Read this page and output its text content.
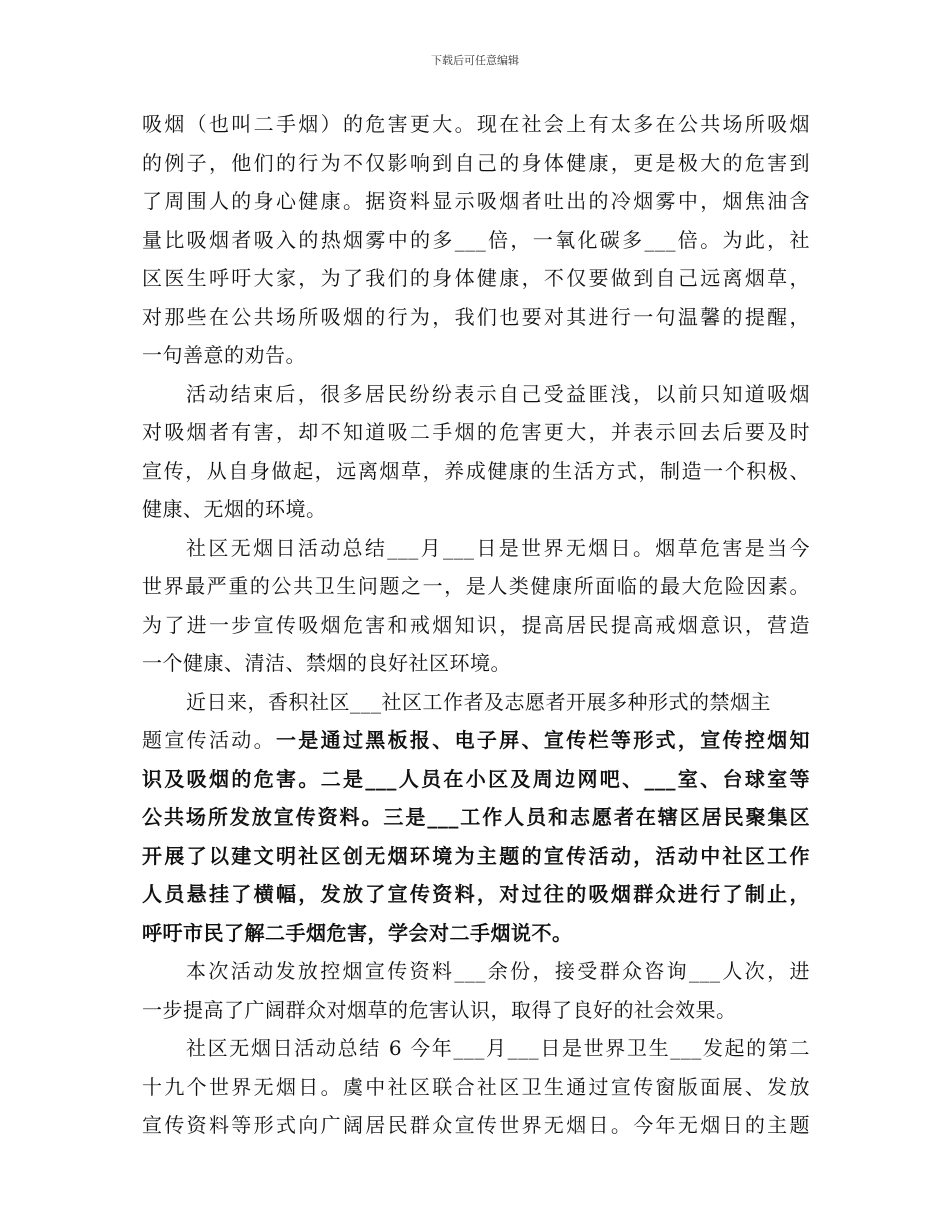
下载后可任意编辑
吸烟（也叫二手烟）的危害更大。现在社会上有太多在公共场所吸烟
的例子，他们的行为不仅影响到自己的身体健康，更是极大的危害到
了周围人的身心健康。据资料显示吸烟者吐出的冷烟雾中，烟焦油含
量比吸烟者吸入的热烟雾中的多___倍，一氧化碳多___倍。为此，社
区医生呼吁大家，为了我们的身体健康，不仅要做到自己远离烟草，
对那些在公共场所吸烟的行为，我们也要对其进行一句温馨的提醒，
一句善意的劝告。
活动结束后，很多居民纷纷表示自己受益匪浅，以前只知道吸烟
对吸烟者有害，却不知道吸二手烟的危害更大，并表示回去后要及时
宣传，从自身做起，远离烟草，养成健康的生活方式，制造一个积极、
健康、无烟的环境。
社区无烟日活动总结___月___日是世界无烟日。烟草危害是当今
世界最严重的公共卫生问题之一，是人类健康所面临的最大危险因素。
为了进一步宣传吸烟危害和戒烟知识，提高居民提高戒烟意识，营造
一个健康、清洁、禁烟的良好社区环境。
近日来，香积社区___社区工作者及志愿者开展多种形式的禁烟主
题宣传活动。一是通过黑板报、电子屏、宣传栏等形式，宣传控烟知
识及吸烟的危害。二是___人员在小区及周边网吧、___室、台球室等
公共场所发放宣传资料。三是___工作人员和志愿者在辖区居民聚集区
开展了以建文明社区创无烟环境为主题的宣传活动，活动中社区工作
人员悬挂了横幅，发放了宣传资料，对过往的吸烟群众进行了制止，
呼吁市民了解二手烟危害，学会对二手烟说不。
本次活动发放控烟宣传资料___余份，接受群众咨询___人次，进
一步提高了广阔群众对烟草的危害认识，取得了良好的社会效果。
社区无烟日活动总结 6 今年___月___日是世界卫生___发起的第二
十九个世界无烟日。虞中社区联合社区卫生通过宣传窗版面展、发放
宣传资料等形式向广阔居民群众宣传世界无烟日。今年无烟日的主题
